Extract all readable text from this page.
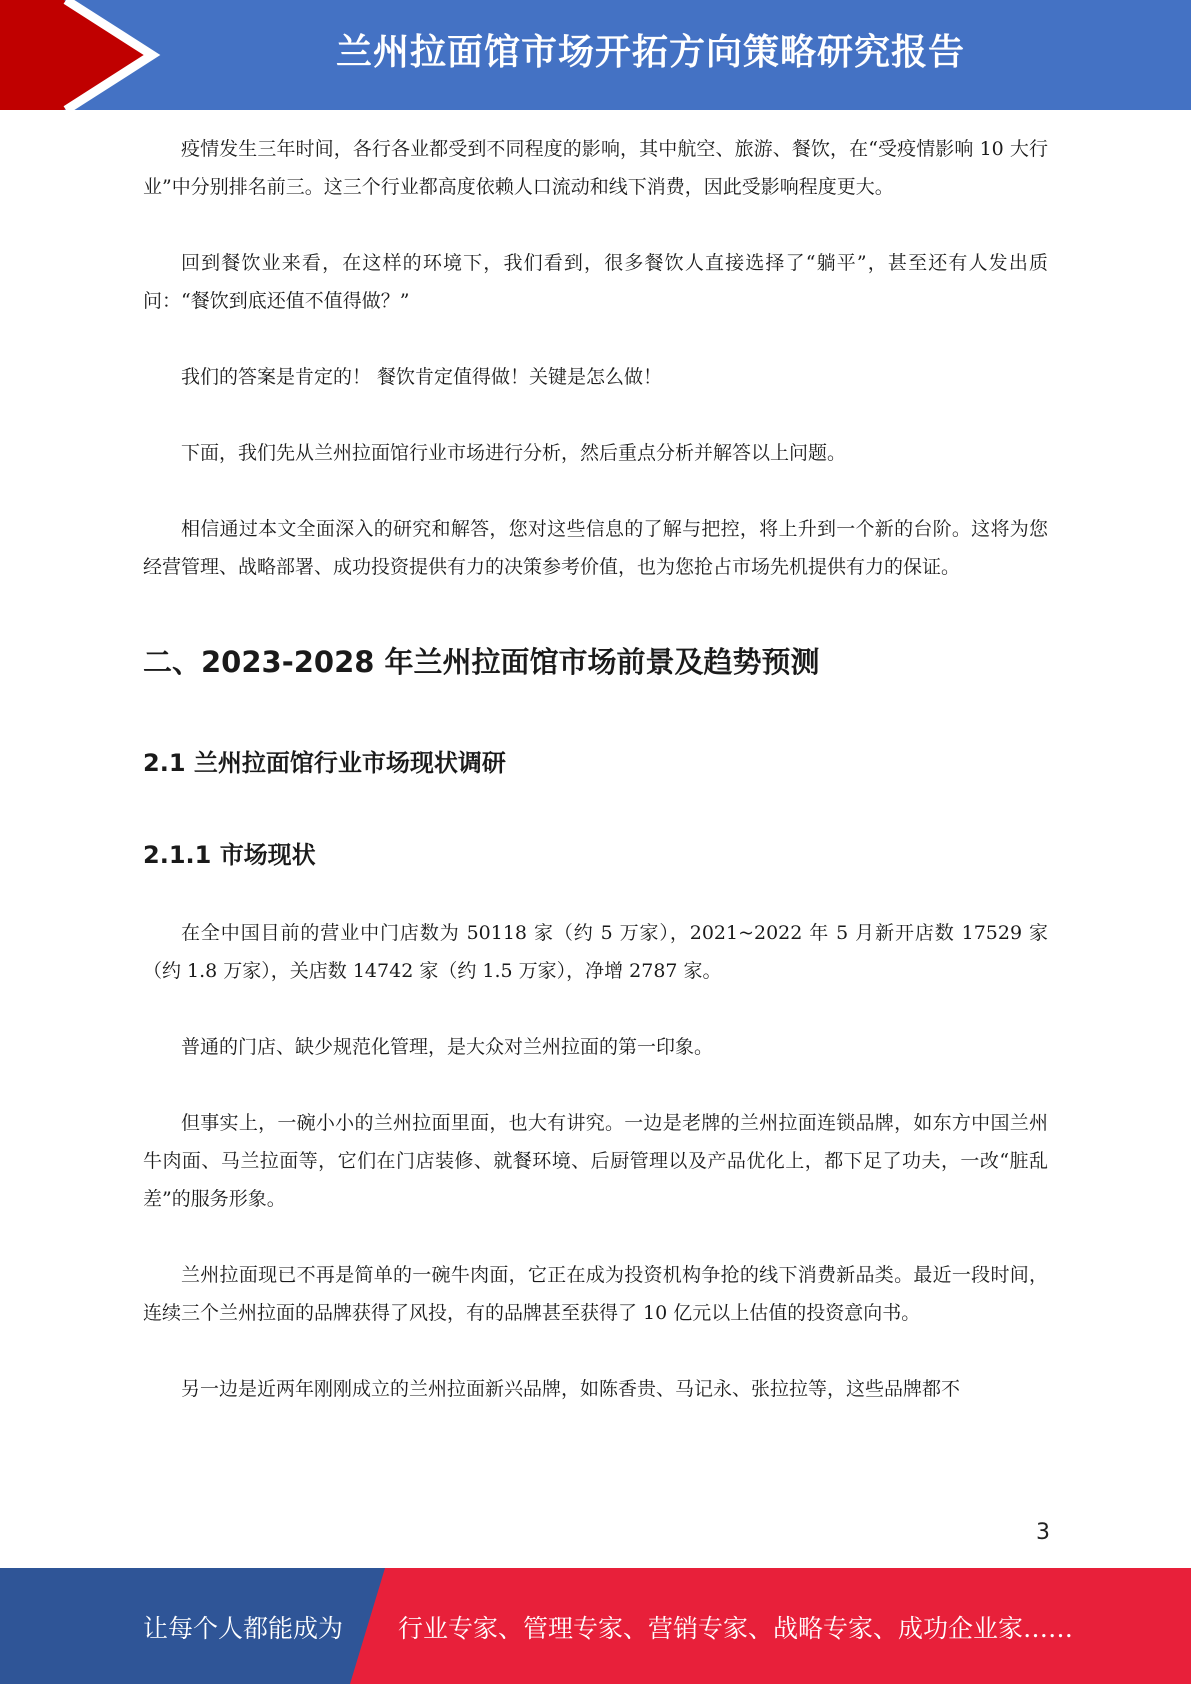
兰州拉面馆市场开拓方向策略研究报告

疫情发生三年时间，各行各业都受到不同程度的影响，其中航空、旅游、餐饮，在“受疫情影响 10 大行业”中分别排名前三。这三个行业都高度依赖人口流动和线下消费，因此受影响程度更大。

回到餐饮业来看，在这样的环境下，我们看到，很多餐饮人直接选择了“躺平”，甚至还有人发出质问：“餐饮到底还值不值得做？”

我们的答案是肯定的！ 餐饮肯定值得做！关键是怎么做！

下面，我们先从兰州拉面馆行业市场进行分析，然后重点分析并解答以上问题。

相信通过本文全面深入的研究和解答，您对这些信息的了解与把控，将上升到一个新的台阶。这将为您经营管理、战略部署、成功投资提供有力的决策参考价值，也为您抢占市场先机提供有力的保证。

二、2023-2028 年兰州拉面馆市场前景及趋势预测
2.1 兰州拉面馆行业市场现状调研
2.1.1 市场现状

在全中国目前的营业中门店数为 50118 家（约 5 万家），2021~2022 年 5 月新开店数 17529 家（约 1.8 万家），关店数 14742 家（约 1.5 万家），净增 2787 家。

普通的门店、缺少规范化管理，是大众对兰州拉面的第一印象。

但事实上，一碗小小的兰州拉面里面，也大有讲究。一边是老牌的兰州拉面连锁品牌，如东方中国兰州牛肉面、马兰拉面等，它们在门店装修、就餐环境、后厨管理以及产品优化上，都下足了功夫，一改“脏乱差”的服务形象。

兰州拉面现已不再是简单的一碗牛肉面，它正在成为投资机构争抢的线下消费新品类。最近一段时间，连续三个兰州拉面的品牌获得了风投，有的品牌甚至获得了 10 亿元以上估值的投资意向书。

另一边是近两年刚刚成立的兰州拉面新兴品牌，如陈香贵、马记永、张拉拉等，这些品牌都不

3
让每个人都能成为 行业专家、管理专家、营销专家、战略专家、成功企业家……
